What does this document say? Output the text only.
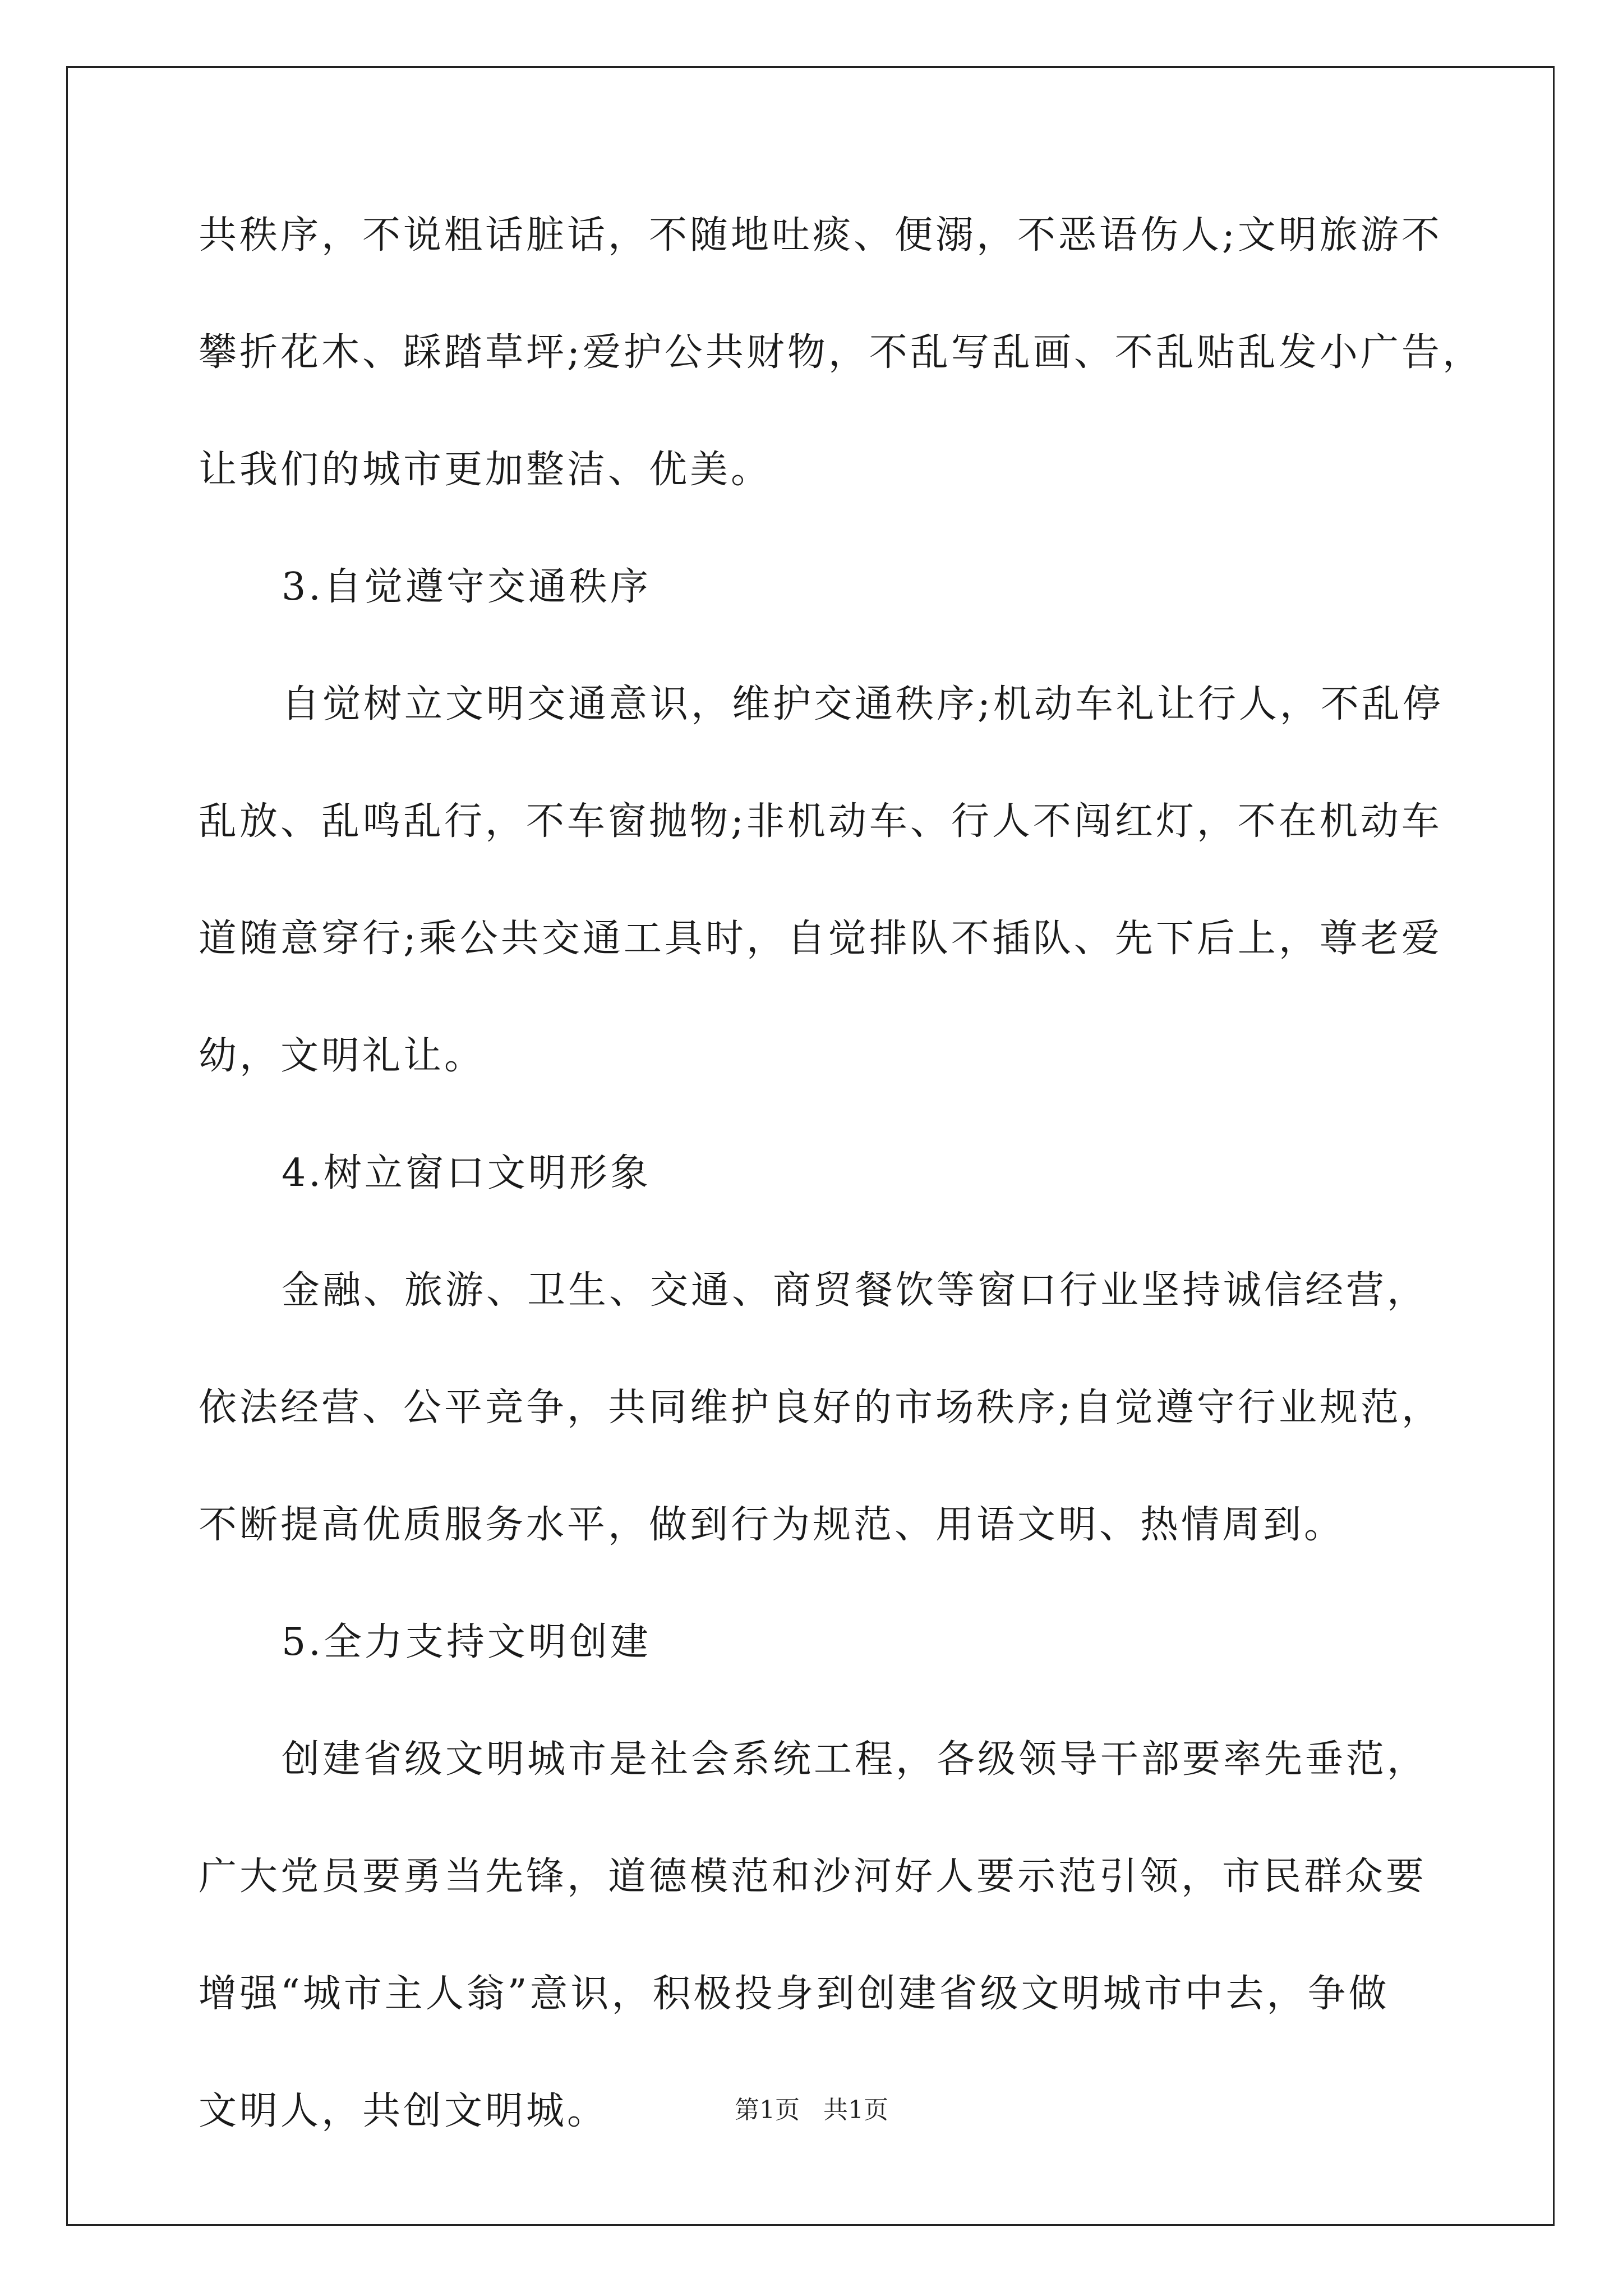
共秩序，不说粗话脏话，不随地吐痰、便溺，不恶语伤人;文明旅游不
攀折花木、踩踏草坪;爱护公共财物，不乱写乱画、不乱贴乱发小广告，
让我们的城市更加整洁、优美。
3.自觉遵守交通秩序
自觉树立文明交通意识，维护交通秩序;机动车礼让行人，不乱停
乱放、乱鸣乱行，不车窗抛物;非机动车、行人不闯红灯，不在机动车
道随意穿行;乘公共交通工具时，自觉排队不插队、先下后上，尊老爱
幼，文明礼让。
4.树立窗口文明形象
金融、旅游、卫生、交通、商贸餐饮等窗口行业坚持诚信经营，
依法经营、公平竞争，共同维护良好的市场秩序;自觉遵守行业规范，
不断提高优质服务水平，做到行为规范、用语文明、热情周到。
5.全力支持文明创建
创建省级文明城市是社会系统工程，各级领导干部要率先垂范，
广大党员要勇当先锋，道德模范和沙河好人要示范引领，市民群众要
增强“城市主人翁”意识，积极投身到创建省级文明城市中去，争做
文明人，共创文明城。	第1页   共1页
